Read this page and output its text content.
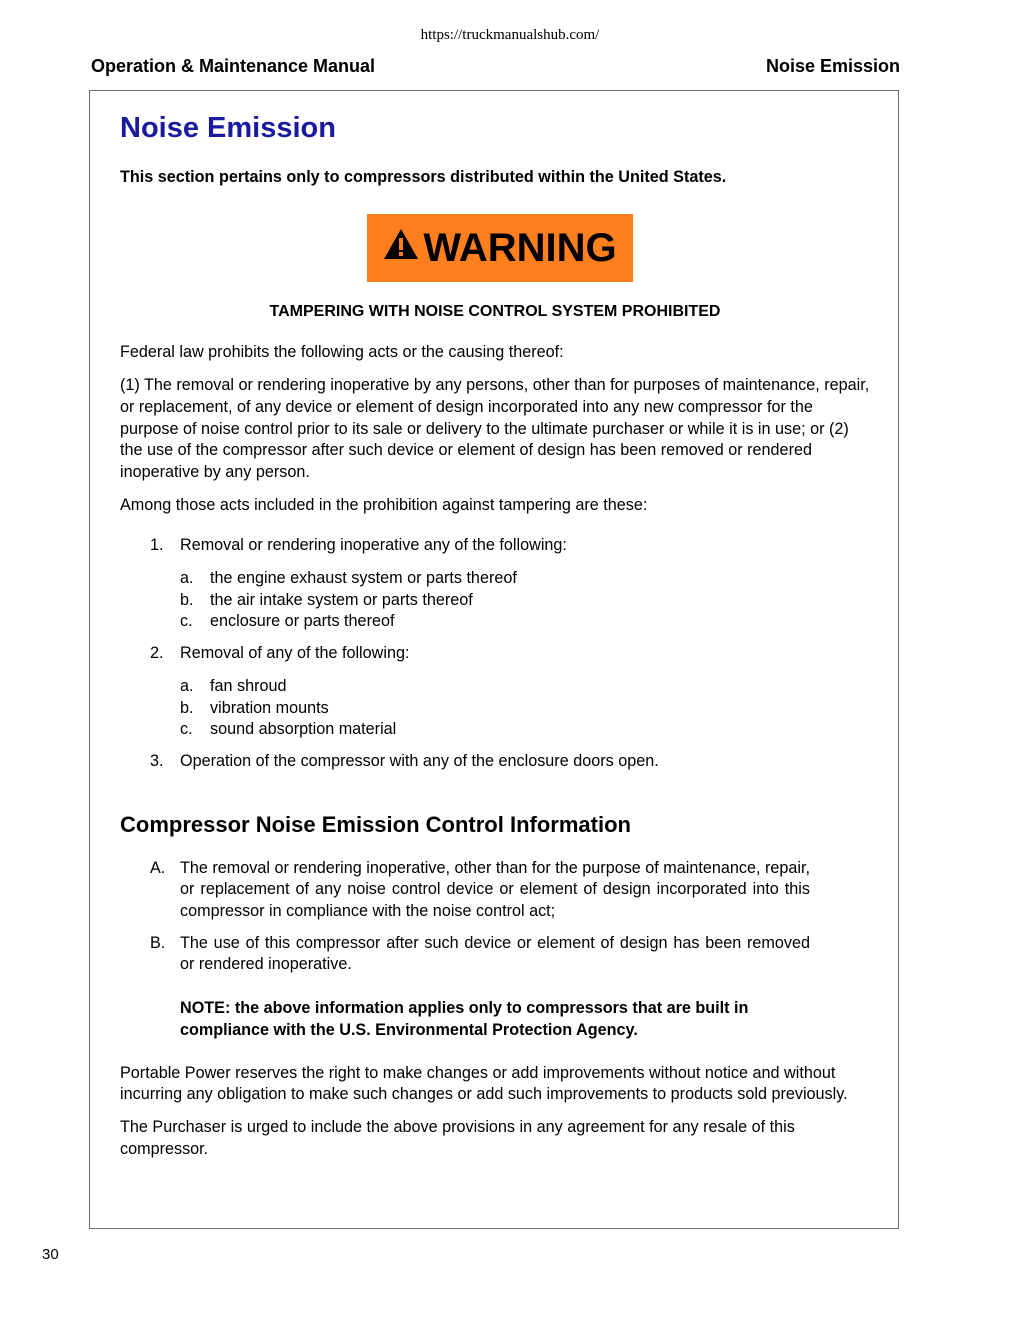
https://truckmanualshub.com/
Operation & Maintenance Manual	Noise Emission
Noise Emission

This section pertains only to compressors distributed within the United States.

WARNING
TAMPERING WITH NOISE CONTROL SYSTEM PROHIBITED

Federal law prohibits the following acts or the causing thereof:

(1) The removal or rendering inoperative by any persons, other than for purposes of maintenance, repair, or replacement, of any device or element of design incorporated into any new compressor for the purpose of noise control prior to its sale or delivery to the ultimate purchaser or while it is in use; or (2) the use of the compressor after such device or element of design has been removed or rendered inoperative by any person.

Among those acts included in the prohibition against tampering are these:

1. Removal or rendering inoperative any of the following:
a. the engine exhaust system or parts thereof
b. the air intake system or parts thereof
c. enclosure or parts thereof
2. Removal of any of the following:
a. fan shroud
b. vibration mounts
c. sound absorption material
3. Operation of the compressor with any of the enclosure doors open.
Compressor Noise Emission Control Information
A. The removal or rendering inoperative, other than for the purpose of maintenance, repair, or replacement of any noise control device or element of design incorporated into this compressor in compliance with the noise control act;
B. The use of this compressor after such device or element of design has been removed or rendered inoperative.

NOTE: the above information applies only to compressors that are built in compliance with the U.S. Environmental Protection Agency.

Portable Power reserves the right to make changes or add improvements without notice and without incurring any obligation to make such changes or add such improvements to products sold previously.

The Purchaser is urged to include the above provisions in any agreement for any resale of this compressor.

30
